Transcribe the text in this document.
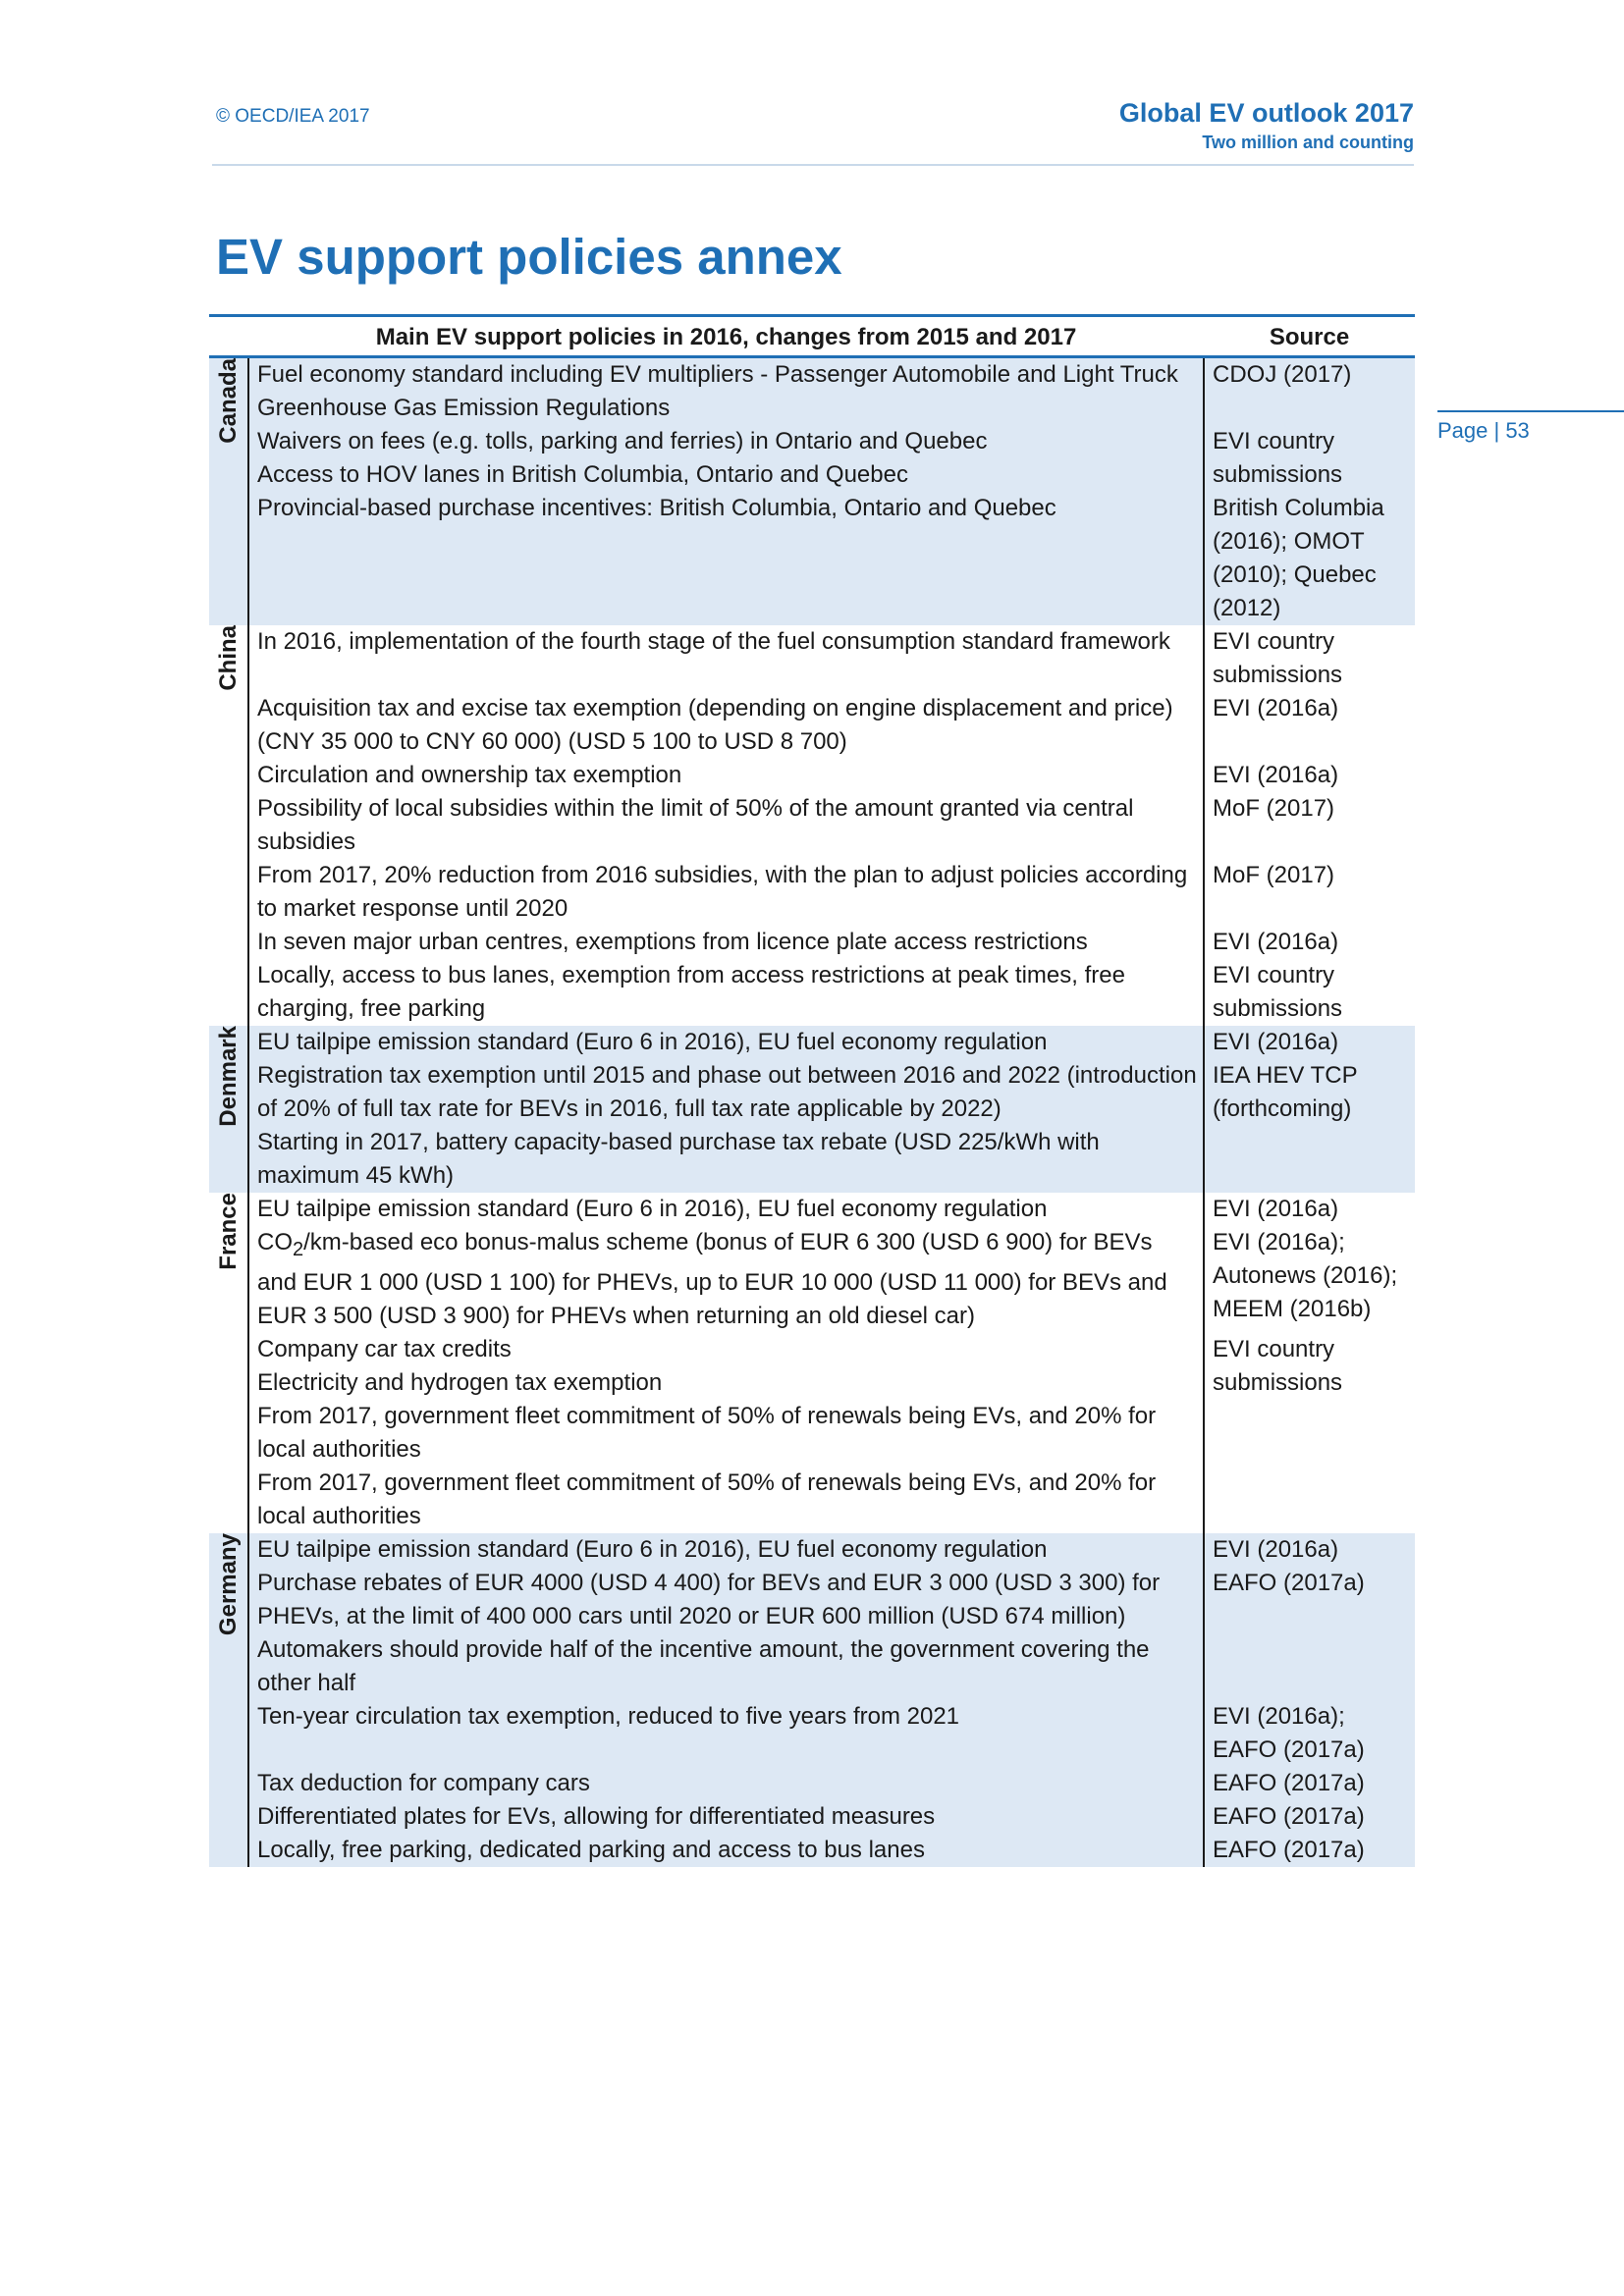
© OECD/IEA 2017	Global EV outlook 2017
Two million and counting
Page | 53
EV support policies annex
	Main EV support policies in 2016, changes from 2015 and 2017	Source
Canada	Fuel economy standard including EV multipliers - Passenger Automobile and Light Truck Greenhouse Gas Emission Regulations	CDOJ (2017)
	Waivers on fees (e.g. tolls, parking and ferries) in Ontario and Quebec	EVI country submissions
	Access to HOV lanes in British Columbia, Ontario and Quebec	
	Provincial-based purchase incentives: British Columbia, Ontario and Quebec	British Columbia (2016); OMOT (2010); Quebec (2012)
China	In 2016, implementation of the fourth stage of the fuel consumption standard framework	EVI country submissions
	Acquisition tax and excise tax exemption (depending on engine displacement and price) (CNY 35 000 to CNY 60 000) (USD 5 100 to USD 8 700)	EVI (2016a)
	Circulation and ownership tax exemption	EVI (2016a)
	Possibility of local subsidies within the limit of 50% of the amount granted via central subsidies	MoF (2017)
	From 2017, 20% reduction from 2016 subsidies, with the plan to adjust policies according to market response until 2020	MoF (2017)
	In seven major urban centres, exemptions from licence plate access restrictions	EVI (2016a)
	Locally, access to bus lanes, exemption from access restrictions at peak times, free charging, free parking	EVI country submissions
Denmark	EU tailpipe emission standard (Euro 6 in 2016), EU fuel economy regulation	EVI (2016a)
	Registration tax exemption until 2015 and phase out between 2016 and 2022 (introduction of 20% of full tax rate for BEVs in 2016, full tax rate applicable by 2022)	IEA HEV TCP (forthcoming)
	Starting in 2017, battery capacity-based purchase tax rebate (USD 225/kWh with maximum 45 kWh)	
France	EU tailpipe emission standard (Euro 6 in 2016), EU fuel economy regulation	EVI (2016a)
	$CO_2/km$-based eco bonus-malus scheme (bonus of EUR 6 300 (USD 6 900) for BEVs and EUR 1 000 (USD 1 100) for PHEVs, up to EUR 10 000 (USD 11 000) for BEVs and EUR 3 500 (USD 3 900) for PHEVs when returning an old diesel car)	EVI (2016a); Autonews (2016); MEEM (2016b)
	Company car tax credits	EVI country submissions
	Electricity and hydrogen tax exemption	
	From 2017, government fleet commitment of 50% of renewals being EVs, and 20% for local authorities	
	From 2017, government fleet commitment of 50% of renewals being EVs, and 20% for local authorities	
Germany	EU tailpipe emission standard (Euro 6 in 2016), EU fuel economy regulation	EVI (2016a)
	Purchase rebates of EUR 4000 (USD 4 400) for BEVs and EUR 3 000 (USD 3 300) for PHEVs, at the limit of 400 000 cars until 2020 or EUR 600 million (USD 674 million)	EAFO (2017a)
	Automakers should provide half of the incentive amount, the government covering the other half	
	Ten-year circulation tax exemption, reduced to five years from 2021	EVI (2016a); EAFO (2017a)
	Tax deduction for company cars	EAFO (2017a)
	Differentiated plates for EVs, allowing for differentiated measures	EAFO (2017a)
	Locally, free parking, dedicated parking and access to bus lanes	EAFO (2017a)
